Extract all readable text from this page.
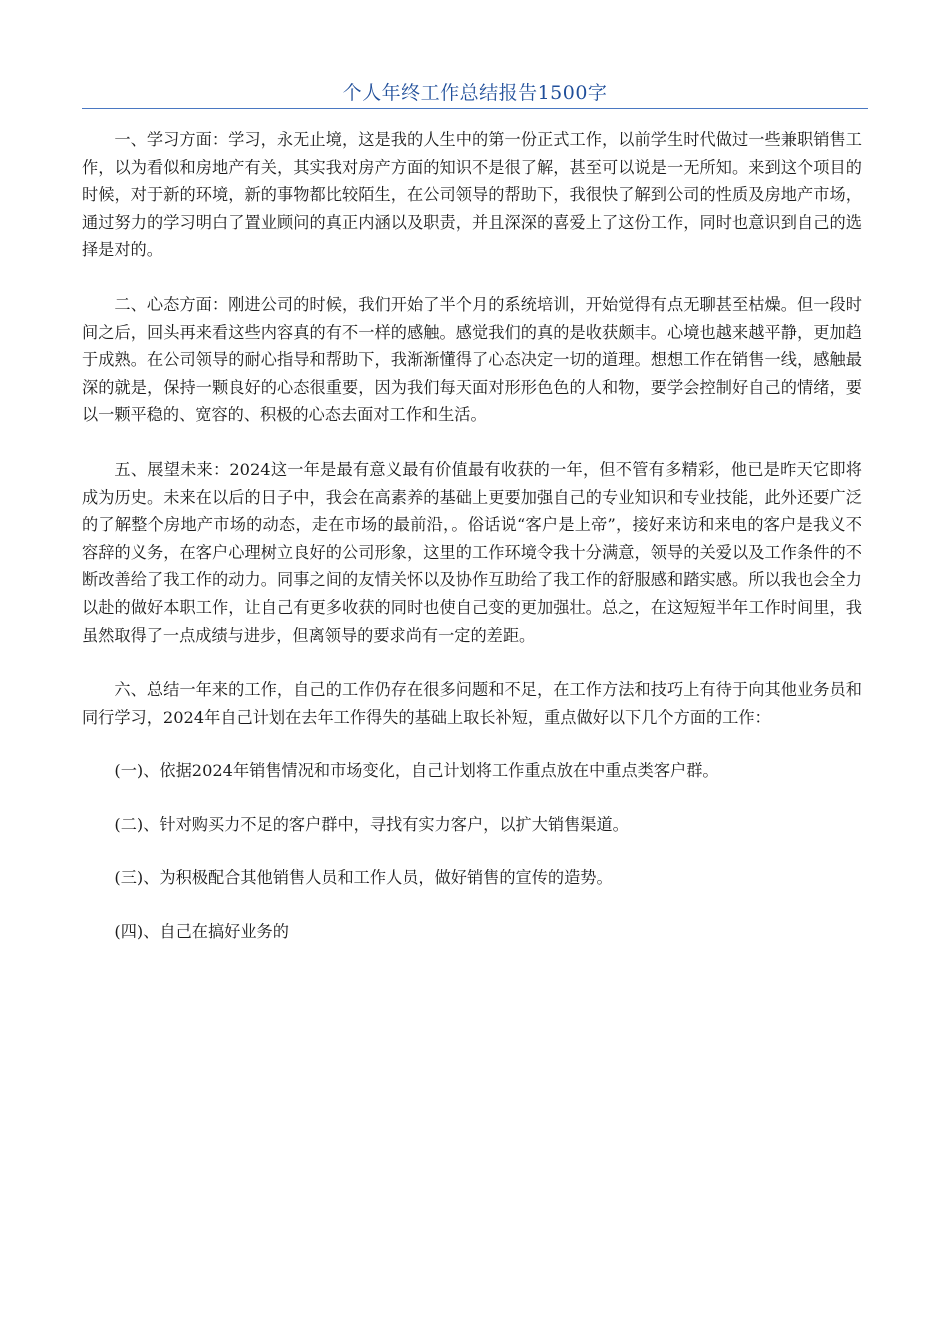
个人年终工作总结报告1500字

一、学习方面：学习，永无止境，这是我的人生中的第一份正式工作，以前学生时代做过一些兼职销售工作，以为看似和房地产有关，其实我对房产方面的知识不是很了解，甚至可以说是一无所知。来到这个项目的时候，对于新的环境，新的事物都比较陌生，在公司领导的帮助下，我很快了解到公司的性质及房地产市场，通过努力的学习明白了置业顾问的真正内涵以及职责，并且深深的喜爱上了这份工作，同时也意识到自己的选择是对的。

二、心态方面：刚进公司的时候，我们开始了半个月的系统培训，开始觉得有点无聊甚至枯燥。但一段时间之后，回头再来看这些内容真的有不一样的感触。感觉我们的真的是收获颇丰。心境也越来越平静，更加趋于成熟。在公司领导的耐心指导和帮助下，我渐渐懂得了心态决定一切的道理。想想工作在销售一线，感触最深的就是，保持一颗良好的心态很重要，因为我们每天面对形形色色的人和物，要学会控制好自己的情绪，要以一颗平稳的、宽容的、积极的心态去面对工作和生活。

五、展望未来：2024这一年是最有意义最有价值最有收获的一年，但不管有多精彩，他已是昨天它即将成为历史。未来在以后的日子中，我会在高素养的基础上更要加强自己的专业知识和专业技能，此外还要广泛的了解整个房地产市场的动态，走在市场的最前沿，。俗话说“客户是上帝”，接好来访和来电的客户是我义不容辞的义务，在客户心理树立良好的公司形象，这里的工作环境令我十分满意，领导的关爱以及工作条件的不断改善给了我工作的动力。同事之间的友情关怀以及协作互助给了我工作的舒服感和踏实感。所以我也会全力以赴的做好本职工作，让自己有更多收获的同时也使自己变的更加强壮。总之，在这短短半年工作时间里，我虽然取得了一点成绩与进步，但离领导的要求尚有一定的差距。

六、总结一年来的工作，自己的工作仍存在很多问题和不足，在工作方法和技巧上有待于向其他业务员和同行学习，2024年自己计划在去年工作得失的基础上取长补短，重点做好以下几个方面的工作：

(一)、依据2024年销售情况和市场变化，自己计划将工作重点放在中重点类客户群。

(二)、针对购买力不足的客户群中，寻找有实力客户，以扩大销售渠道。

(三)、为积极配合其他销售人员和工作人员，做好销售的宣传的造势。

(四)、自己在搞好业务的
